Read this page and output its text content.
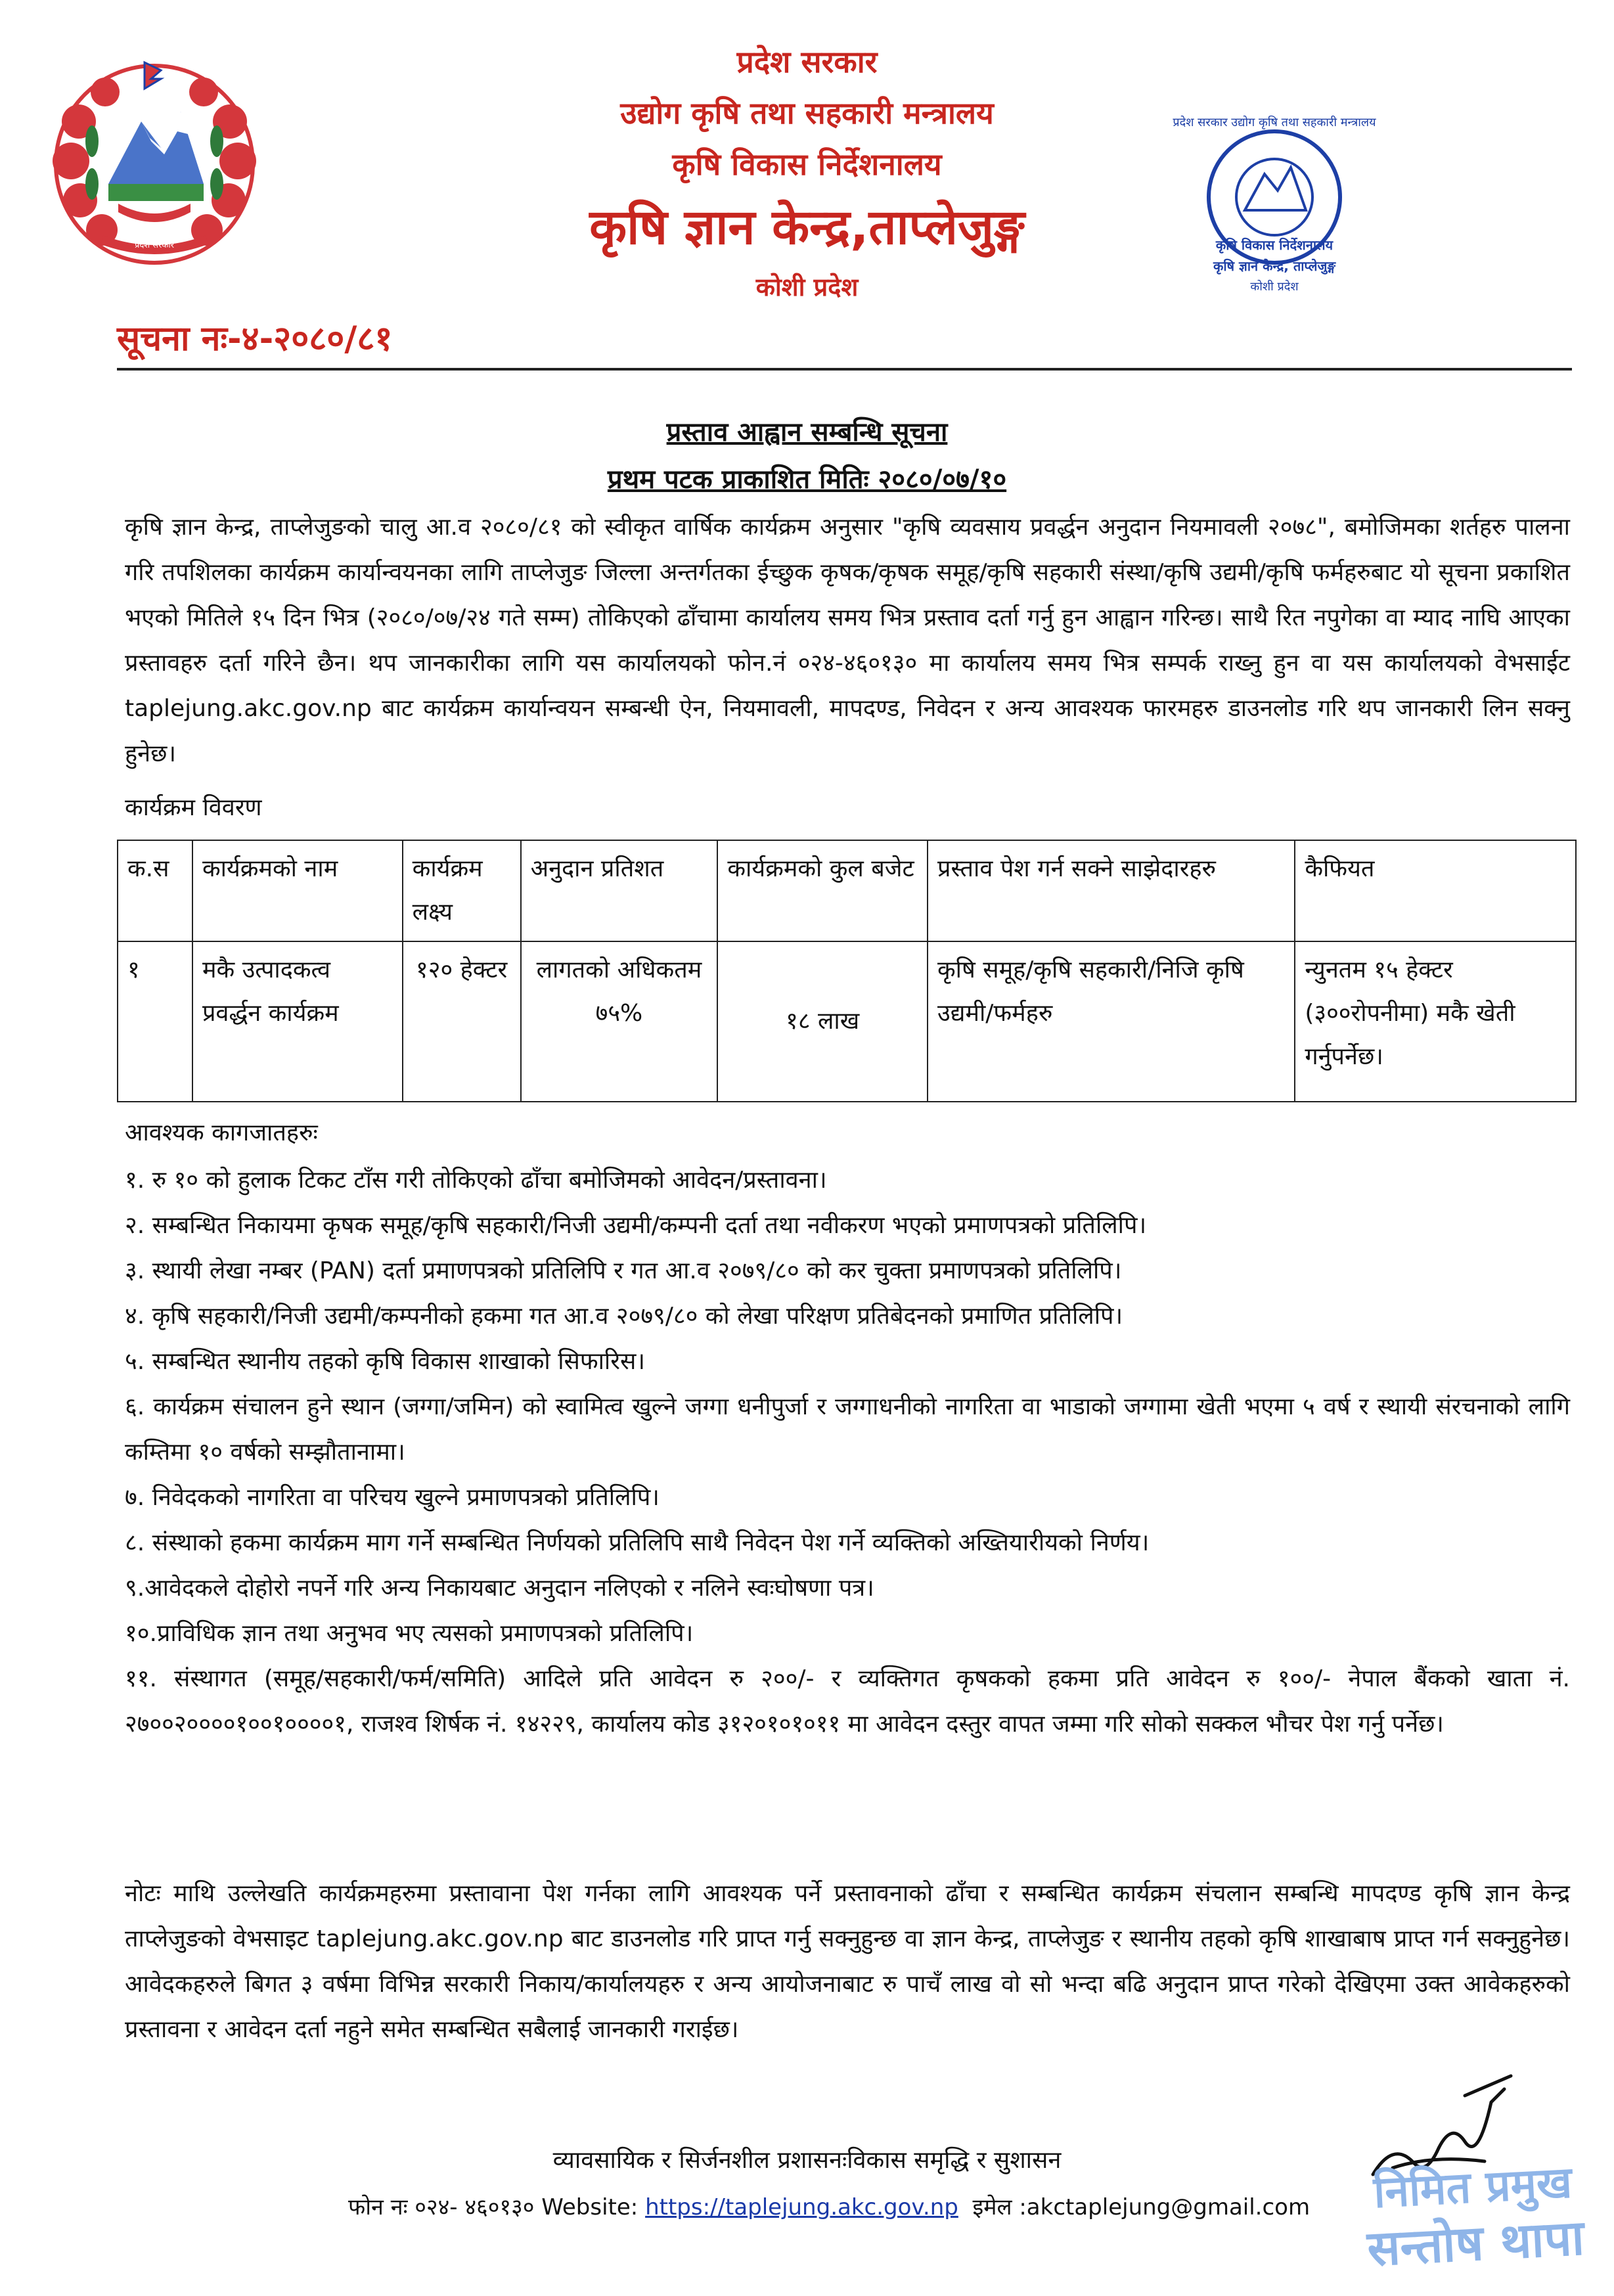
प्रदेश सरकार
प्रदेश सरकार
उद्योग कृषि तथा सहकारी मन्त्रालय
कृषि विकास निर्देशनालय
कृषि ज्ञान केन्द्र,ताप्लेजुङ्ग
कोशी प्रदेश
सूचना नः-४-२०८०/८१
कृषि विकास निर्देशनालय
कृषि ज्ञान केन्द्र, ताप्लेजुङ्ग
कोशी प्रदेश
प्रदेश सरकार उद्योग कृषि तथा सहकारी मन्त्रालय
प्रस्ताव आह्वान सम्बन्धि सूचना
प्रथम पटक प्राकाशित मितिः २०८०/०७/१०
कृषि ज्ञान केन्द्र, ताप्लेजुङको चालु आ.व २०८०/८१ को स्वीकृत वार्षिक कार्यक्रम अनुसार "कृषि व्यवसाय प्रवर्द्धन अनुदान नियमावली २०७८", बमोजिमका शर्तहरु पालना गरि तपशिलका कार्यक्रम कार्यान्वयनका लागि ताप्लेजुङ जिल्ला अन्तर्गतका ईच्छुक कृषक/कृषक समूह/कृषि सहकारी संस्था/कृषि उद्यमी/कृषि फर्महरुबाट यो सूचना प्रकाशित भएको मितिले १५ दिन भित्र (२०८०/०७/२४ गते सम्म) तोकिएको ढाँचामा कार्यालय समय भित्र प्रस्ताव दर्ता गर्नु हुन आह्वान गरिन्छ। साथै रित नपुगेका वा म्याद नाघि आएका प्रस्तावहरु दर्ता गरिने छैन। थप जानकारीका लागि यस कार्यालयको फोन.नं ०२४-४६०१३० मा कार्यालय समय भित्र सम्पर्क राख्नु हुन वा यस कार्यालयको वेभसाईट taplejung.akc.gov.np बाट कार्यक्रम कार्यान्वयन सम्बन्धी ऐन, नियमावली, मापदण्ड, निवेदन र अन्य आवश्यक फारमहरु डाउनलोड गरि थप जानकारी लिन सक्नु हुनेछ।
कार्यक्रम विवरण
क.स	कार्यक्रमको नाम	कार्यक्रम लक्ष्य	अनुदान प्रतिशत	कार्यक्रमको कुल बजेट	प्रस्ताव पेश गर्न सक्ने साझेदारहरु	कैफियत
१	मकै उत्पादकत्व प्रवर्द्धन कार्यक्रम	१२० हेक्टर	लागतको अधिकतम ७५%	१८ लाख	कृषि समूह/कृषि सहकारी/निजि कृषि उद्यमी/फर्महरु	न्युनतम १५ हेक्टर (३००रोपनीमा) मकै खेती गर्नुपर्नेछ।
आवश्यक कागजातहरुः
१. रु १० को हुलाक टिकट टाँस गरी तोकिएको ढाँचा बमोजिमको आवेदन/प्रस्तावना।
२. सम्बन्धित निकायमा कृषक समूह/कृषि सहकारी/निजी उद्यमी/कम्पनी दर्ता तथा नवीकरण भएको प्रमाणपत्रको प्रतिलिपि।
३. स्थायी लेखा नम्बर (PAN) दर्ता प्रमाणपत्रको प्रतिलिपि र गत आ.व २०७९/८० को कर चुक्ता प्रमाणपत्रको प्रतिलिपि।
४. कृषि सहकारी/निजी उद्यमी/कम्पनीको हकमा गत आ.व २०७९/८० को लेखा परिक्षण प्रतिबेदनको प्रमाणित प्रतिलिपि।
५. सम्बन्धित स्थानीय तहको कृषि विकास शाखाको सिफारिस।
६. कार्यक्रम संचालन हुने स्थान (जग्गा/जमिन) को स्वामित्व खुल्ने जग्गा धनीपुर्जा र जग्गाधनीको नागरिता वा भाडाको जग्गामा खेती भएमा ५ वर्ष र स्थायी संरचनाको लागि कम्तिमा १० वर्षको सम्झौतानामा।
७. निवेदकको नागरिता वा परिचय खुल्ने प्रमाणपत्रको प्रतिलिपि।
८. संस्थाको हकमा कार्यक्रम माग गर्ने सम्बन्धित निर्णयको प्रतिलिपि साथै निवेदन पेश गर्ने व्यक्तिको अख्तियारीयको निर्णय।
९.आवेदकले दोहोरो नपर्ने गरि अन्य निकायबाट अनुदान नलिएको र नलिने स्वःघोषणा पत्र।
१०.प्राविधिक ज्ञान तथा अनुभव भए त्यसको प्रमाणपत्रको प्रतिलिपि।
११. संस्थागत (समूह/सहकारी/फर्म/समिति) आदिले प्रति आवेदन रु २००/- र व्यक्तिगत कृषकको हकमा प्रति आवेदन रु १००/- नेपाल बैंकको खाता नं. २७००२००००१००१००००१, राजश्व शिर्षक नं. १४२२९, कार्यालय कोड ३१२०१०१०११ मा आवेदन दस्तुर वापत जम्मा गरि सोको सक्कल भौचर पेश गर्नु पर्नेछ।
नोटः माथि उल्लेखति कार्यक्रमहरुमा प्रस्तावाना पेश गर्नका लागि आवश्यक पर्ने प्रस्तावनाको ढाँचा र सम्बन्धित कार्यक्रम संचलान सम्बन्धि मापदण्ड कृषि ज्ञान केन्द्र ताप्लेजुङको वेभसाइट taplejung.akc.gov.np बाट डाउनलोड गरि प्राप्त गर्नु सक्नुहुन्छ वा ज्ञान केन्द्र, ताप्लेजुङ र स्थानीय तहको कृषि शाखाबाष प्राप्त गर्न सक्नुहुनेछ। आवेदकहरुले बिगत ३ वर्षमा विभिन्न सरकारी निकाय/कार्यालयहरु र अन्य आयोजनाबाट रु पाचँ लाख वो सो भन्दा बढि अनुदान प्राप्त गरेको देखिएमा उक्त आवेकहरुको प्रस्तावना र आवेदन दर्ता नहुने समेत सम्बन्धित सबैलाई जानकारी गराईछ।
निमित प्रमुख
सन्तोष थापा
व्यावसायिक र सिर्जनशील प्रशासनःविकास समृद्धि र सुशासन
फोन नः ०२४- ४६०१३० Website: https://taplejung.akc.gov.np इमेल :akctaplejung@gmail.com
